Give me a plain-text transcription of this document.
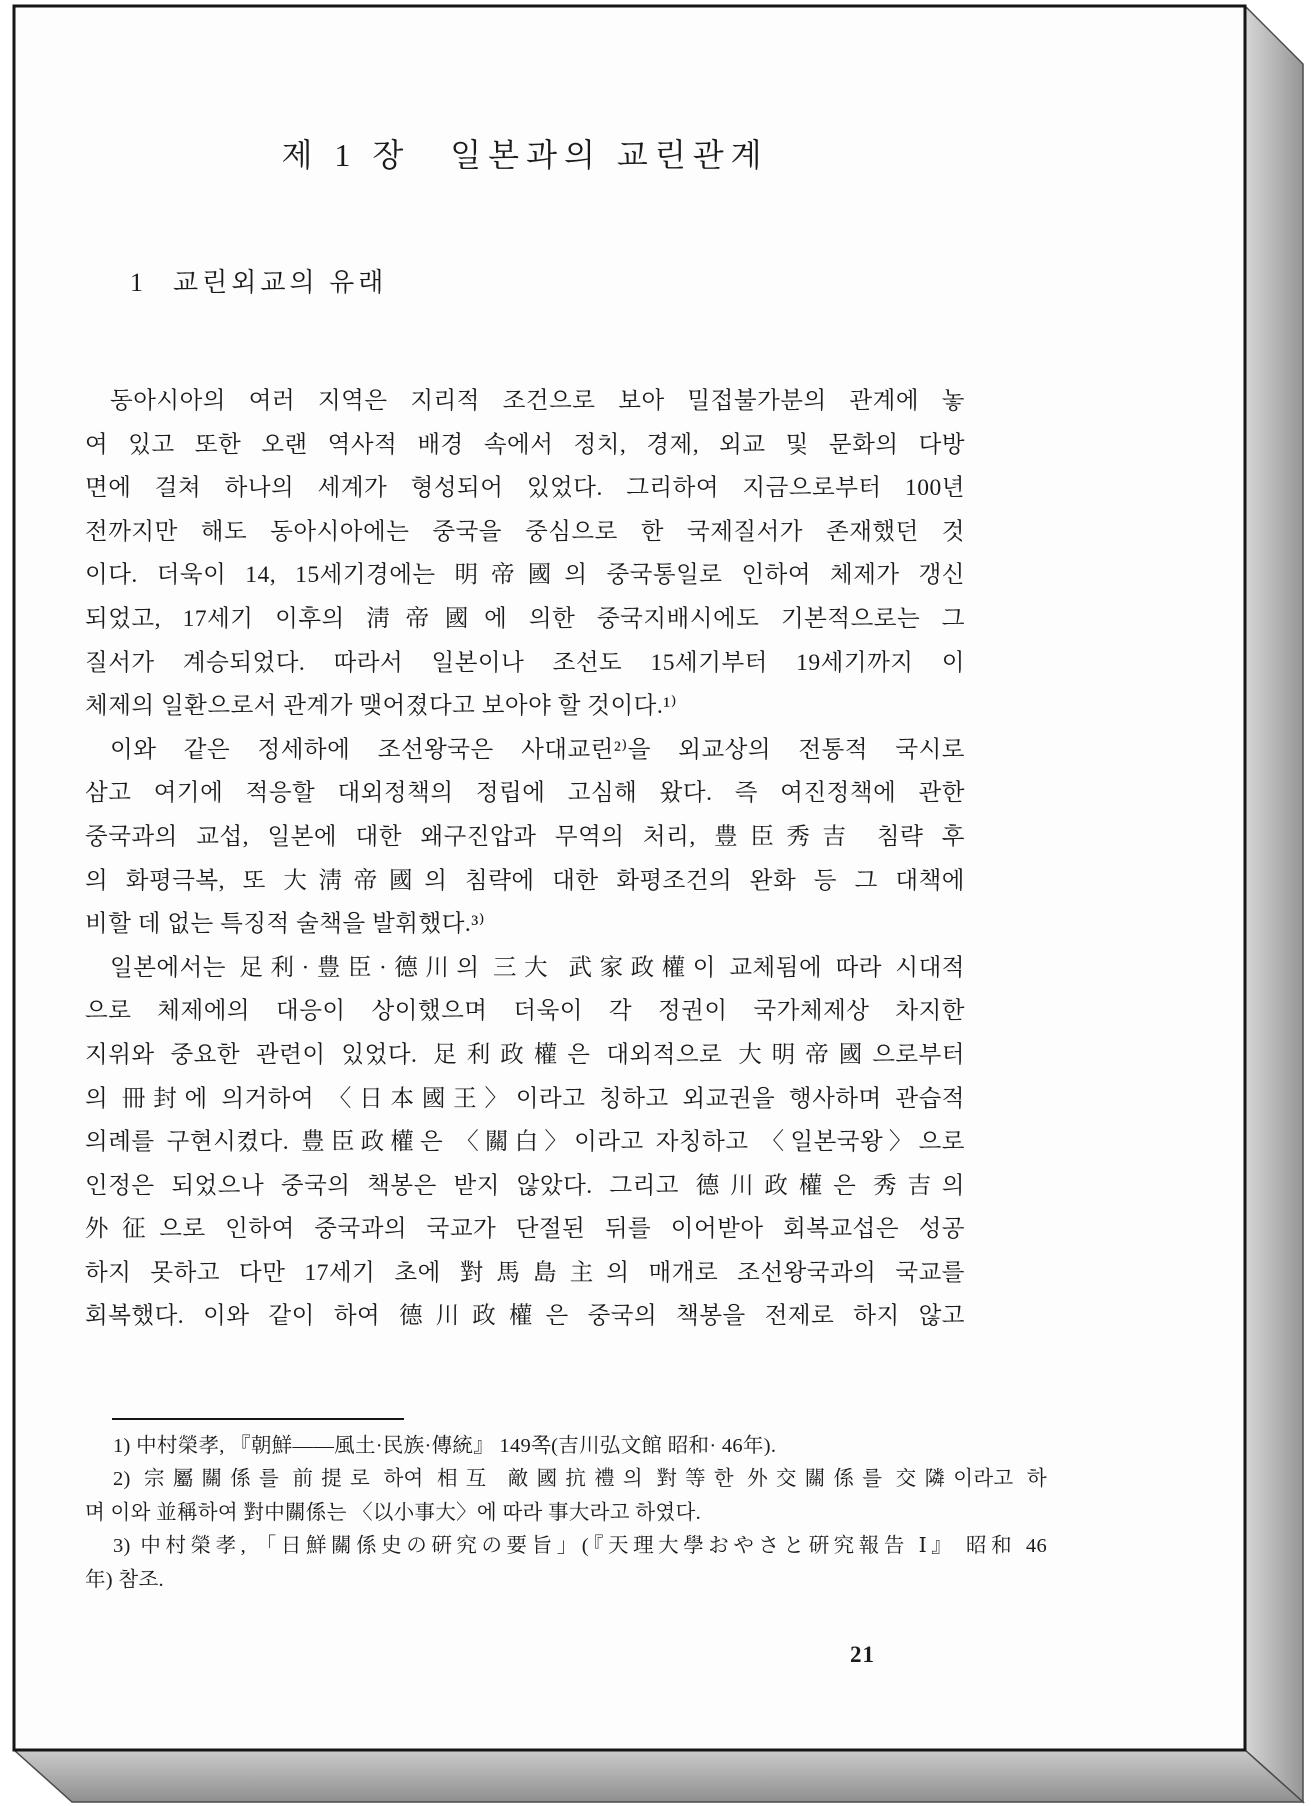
제 1 장 일본과의 교린관계
1 교린외교의 유래
동아시아의 여러 지역은 지리적 조건으로 보아 밀접불가분의 관계에 놓
여 있고 또한 오랜 역사적 배경 속에서 정치, 경제, 외교 및 문화의 다방
면에 걸쳐 하나의 세계가 형성되어 있었다. 그리하여 지금으로부터 100년
전까지만 해도 동아시아에는 중국을 중심으로 한 국제질서가 존재했던 것
이다. 더욱이 14, 15세기경에는 明帝國의 중국통일로 인하여 체제가 갱신
되었고, 17세기 이후의 淸帝國에 의한 중국지배시에도 기본적으로는 그
질서가 계승되었다. 따라서 일본이나 조선도 15세기부터 19세기까지 이
체제의 일환으로서 관계가 맺어졌다고 보아야 할 것이다.¹⁾
이와 같은 정세하에 조선왕국은 사대교린²⁾을 외교상의 전통적 국시로
삼고 여기에 적응할 대외정책의 정립에 고심해 왔다. 즉 여진정책에 관한
중국과의 교섭, 일본에 대한 왜구진압과 무역의 처리, 豊臣秀吉 침략 후
의 화평극복, 또 大淸帝國의 침략에 대한 화평조건의 완화 등 그 대책에
비할 데 없는 특징적 술책을 발휘했다.³⁾
일본에서는 足利·豊臣·德川의 三大 武家政權이 교체됨에 따라 시대적
으로 체제에의 대응이 상이했으며 더욱이 각 정권이 국가체제상 차지한
지위와 중요한 관련이 있었다. 足利政權은 대외적으로 大明帝國으로부터
의 冊封에 의거하여 〈日本國王〉이라고 칭하고 외교권을 행사하며 관습적
의례를 구현시켰다. 豊臣政權은 〈關白〉이라고 자칭하고 〈일본국왕〉으로
인정은 되었으나 중국의 책봉은 받지 않았다. 그리고 德川政權은 秀吉의
外征으로 인하여 중국과의 국교가 단절된 뒤를 이어받아 회복교섭은 성공
하지 못하고 다만 17세기 초에 對馬島主의 매개로 조선왕국과의 국교를
회복했다. 이와 같이 하여 德川政權은 중국의 책봉을 전제로 하지 않고
1) 中村榮孝, 『朝鮮——風土·民族·傳統』 149쪽(吉川弘文館 昭和· 46年).
2) 宗屬關係를 前提로 하여 相互 敵國抗禮의 對等한 外交關係를 交隣이라고 하
며 이와 並稱하여 對中關係는 〈以小事大〉에 따라 事大라고 하였다.
3) 中村榮孝, 「日鮮關係史の硏究の要旨」(『天理大學おやさと硏究報告 Ⅰ』 昭和 46
年) 참조.
21
